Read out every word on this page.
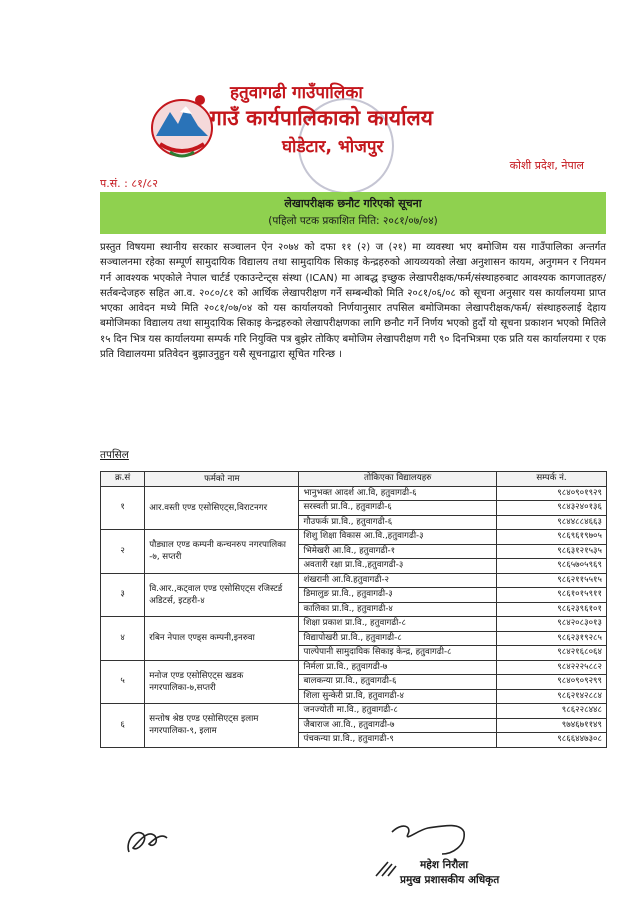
हतुवागढी गाउँपालिका
गाउँ कार्यपालिकाको कार्यालय
घोडेटार, भोजपुर
कोशी प्रदेश, नेपाल
प.सं. : ८१/८२
लेखापरीक्षक छनौट गरिएको सूचना
(पहिलो पटक प्रकाशित मिति: २०८१/०७/०४)
प्रस्तुत विषयमा स्थानीय सरकार सञ्चालन ऐन २०७४ को दफा ११ (२) ज (२१) मा व्यवस्था भए बमोजिम यस गाउँपालिका अन्तर्गत सञ्चालनमा रहेका सम्पूर्ण सामुदायिक विद्यालय तथा सामुदायिक सिकाइ केन्द्रहरुको आयव्ययको लेखा अनुशासन कायम, अनुगमन र नियमन गर्न आवश्यक भएकोले नेपाल चार्टर्ड एकाउन्टेन्ट्स संस्था (ICAN) मा आबद्ध इच्छुक लेखापरीक्षक/फर्म/संस्थाहरुबाट आवश्यक कागजातहरु/सर्तबन्देजहरु सहित आ.व. २०८०/८१ को आर्थिक लेखापरीक्षण गर्ने सम्बन्धीको मिति २०८१/०६/०८ को सूचना अनुसार यस कार्यालयमा प्राप्त भएका आवेदन मध्ये मिति २०८१/०७/०४ को यस कार्यालयको निर्णयानुसार तपसिल बमोजिमका लेखापरीक्षक/फर्म/ संस्थाहरुलाई देहाय बमोजिमका विद्यालय तथा सामुदायिक सिकाइ केन्द्रहरुको लेखापरीक्षणका लागि छनौट गर्ने निर्णय भएको हुदाँ यो सूचना प्रकाशन भएको मितिले १५ दिन भित्र यस कार्यालयमा सम्पर्क गरि नियुक्ति पत्र बुझेर तोकिए बमोजिम लेखापरीक्षण गरी ९० दिनभित्रमा एक प्रति यस कार्यालयमा र एक प्रति विद्यालयमा प्रतिवेदन बुझाउनुहुन यसै सूचनाद्वारा सूचित गरिन्छ ।
तपसिल
क्र.सं	फर्मको नाम	तोकिएका विद्यालयहरु	सम्पर्क नं.
१	आर.वस्ती एण्ड एसोसिएट्स,विराटनगर	भानुभक्त आदर्श आ.वि, हतुवागढी-६	९८४०९०१९२९
		सरस्वती प्रा.वि., हतुवागढी-६	९८४३२४०१३६
		गौउफर्क प्रा.वि., हतुवागढी-६	९८४४८८४६६३
२	पौड्याल एण्ड कम्पनी कन्चनरुप नगरपालिका -७, सप्तरी	शिशु शिक्षा विकास आ.वि.,हतुवागढी-३	९८६९६१९७०५
		भिमेखरी आ.वि., हतुवागढी-१	९८६३१२१५३५
		अवतारी रक्षा प्रा.वि.,हतुवागढी-३	९८६५७०५९६९
३	वि.आर.,कट्वाल एण्ड एसोसिएट्स रजिस्टर्ड अडिटर्स, इटहरी-४	शंखरानी आ.वि.हतुवागढी-२	९८६२११५५१५
		डिमालुङ प्रा.वि., हतुवागढी-३	९८६१०१५९११
		कालिका प्रा.वि., हतुवागढी-४	९८६२३९६१०१
४	रबिन नेपाल एण्ड्स कम्पनी,इनरुवा	शिक्षा प्रकाश प्रा.वि., हतुवागढी-८	९८४२०८३०१३
		विद्यापोखरी प्रा.वि., हतुवागढी-८	९८६२३१९२८५
		पाल्पेपानी सामुदायिक सिकाइ केन्द्र, हतुवागढी-८	९८४२१६८०६४
५	मनोज एण्ड एसोसिएट्स खडक नगरपालिका-७,सप्तरी	निर्मला प्रा.वि., हतुवागढी-७	९८४२२२५८८२
		बालकन्या प्रा.वि., हतुवागढी-६	९८४०९०९२९९
		शिला सुन्केरी प्रा.वि, हतुवागढी-४	९८६२१४२८८४
६	सन्तोष श्रेष्ठ एण्ड एसोसिएट्स इलाम नगरपालिका-९, इलाम	जनज्योती मा.वि., हतुवागढी-८	९८६२२८४४८
		जैबाराज आ.वि., हतुवागढी-७	९७४६७११४९
		पंचकन्या प्रा.वि., हतुवागढी-९	९८६६४४७३०८
महेश निरौला
प्रमुख प्रशासकीय अधिकृत
